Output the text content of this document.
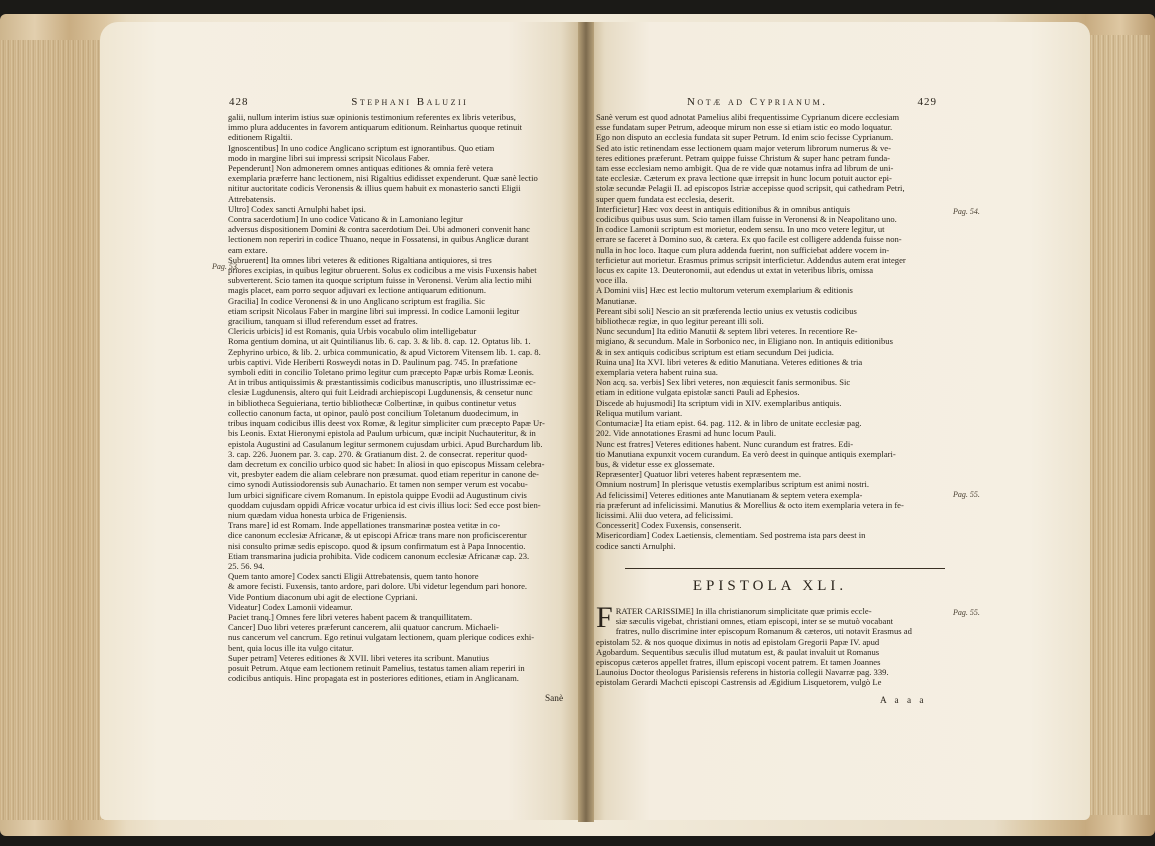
428	Stephani Baluzii
Pag. 53.
galii, nullum interim istius suæ opinionis testimonium referentes ex libris veteribus,
immo plura adducentes in favorem antiquarum editionum. Reinhartus quoque retinuit
editionem Rigaltii.
Ignoscentibus] In uno codice Anglicano scriptum est ignorantibus. Quo etiam
modo in margine libri sui impressi scripsit Nicolaus Faber.
Pependerunt] Non admonerem omnes antiquas editiones & omnia ferè vetera
exemplaria præferre hanc lectionem, nisi Rigaltius edidisset expenderunt. Quæ sanè lectio
nititur auctoritate codicis Veronensis & illius quem habuit ex monasterio sancti Eligii
Attrebatensis.
Ultro] Codex sancti Arnulphi habet ipsi.
Contra sacerdotium] In uno codice Vaticano & in Lamoniano legitur
adversus dispositionem Domini & contra sacerdotium Dei. Ubi admoneri convenit hanc
lectionem non reperiri in codice Thuano, neque in Fossatensi, in quibus Anglicæ durant
eam extare.
Subruerent] Ita omnes libri veteres & editiones Rigaltiana antiquiores, si tres
priores excipias, in quibus legitur obruerent. Solus ex codicibus a me visis Fuxensis habet
subverterent. Scio tamen ita quoque scriptum fuisse in Veronensi. Verùm alia lectio mihi
magis placet, eam porro sequor adjuvari ex lectione antiquarum editionum.
Gracilia] In codice Veronensi & in uno Anglicano scriptum est fragilia. Sic
etiam scripsit Nicolaus Faber in margine libri sui impressi. In codice Lamonii legitur
gracilium, tanquam si illud referendum esset ad fratres.
Clericis urbicis] id est Romanis, quia Urbis vocabulo olim intelligebatur
Roma gentium domina, ut ait Quintilianus lib. 6. cap. 3. & lib. 8. cap. 12. Optatus lib. 1.
Zephyrino urbico, & lib. 2. urbica communicatio, & apud Victorem Vitensem lib. 1. cap. 8.
urbis captivi. Vide Heriberti Rosweydi notas in D. Paulinum pag. 745. In præfatione
symboli editi in concilio Toletano primo legitur cum præcepto Papæ urbis Romæ Leonis.
At in tribus antiquissimis & præstantissimis codicibus manuscriptis, uno illustrissimæ ec-
clesiæ Lugdunensis, altero qui fuit Leidradi archiepiscopi Lugdunensis, & censetur nunc
in bibliotheca Seguieriana, tertio bibliothecæ Colbertinæ, in quibus continetur vetus
collectio canonum facta, ut opinor, paulò post concilium Toletanum duodecimum, in
tribus inquam codicibus illis deest vox Romæ, & legitur simpliciter cum præcepto Papæ Ur-
bis Leonis. Extat Hieronymi epistola ad Paulum urbicum, quæ incipit Nuchauteritur, & in
epistola Augustini ad Casulanum legitur sermonem cujusdam urbici. Apud Burchardum lib.
3. cap. 226. Juonem par. 3. cap. 270. & Gratianum dist. 2. de consecrat. reperitur quod-
dam decretum ex concilio urbico quod sic habet: In aliosi in quo episcopus Missam celebra-
vit, presbyter eadem die aliam celebrare non præsumat. quod etiam reperitur in canone de-
cimo synodi Autissiodorensis sub Aunachario. Et tamen non semper verum est vocabu-
lum urbici significare civem Romanum. In epistola quippe Evodii ad Augustinum civis
quoddam cujusdam oppidi Africæ vocatur urbica id est civis illius loci: Sed ecce post bien-
nium quædam vidua honesta urbica de Frigeniensis.
Trans mare] id est Romam. Inde appellationes transmarinæ postea vetitæ in co-
dice canonum ecclesiæ Africanæ, & ut episcopi Africæ trans mare non proficiscerentur
nisi consulto primæ sedis episcopo. quod & ipsum confirmatum est à Papa Innocentio.
Etiam transmarina judicia prohibita. Vide codicem canonum ecclesiæ Africanæ cap. 23.
25. 56. 94.
Quem tanto amore] Codex sancti Eligii Attrebatensis, quem tanto honore
& amore fecisti. Fuxensis, tanto ardore, pari dolore. Ubi videtur legendum pari honore.
Vide Pontium diaconum ubi agit de electione Cypriani.
Videatur] Codex Lamonii videamur.
Paciet tranq.] Omnes fere libri veteres habent pacem & tranquillitatem.
Cancer] Duo libri veteres præferunt cancerem, alii quatuor cancrum. Michaeli-
nus cancerum vel cancrum. Ego retinui vulgatam lectionem, quam plerique codices exhi-
bent, quia locus ille ita vulgo citatur.
Super petram] Veteres editiones & XVII. libri veteres ita scribunt. Manutius
posuit Petrum. Atque eam lectionem retinuit Pamelius, testatus tamen aliam reperiri in
codicibus antiquis. Hinc propagata est in posteriores editiones, etiam in Anglicanam.
Sanè
Notæ ad Cyprianum.	429
Pag. 54.
Pag. 55.
Pag. 55.
Sanè verum est quod adnotat Pamelius alibi frequentissime Cyprianum dicere ecclesiam
esse fundatam super Petrum, adeoque mirum non esse si etiam istic eo modo loquatur.
Ego non disputo an ecclesia fundata sit super Petrum. Id enim scio fecisse Cyprianum.
Sed ato istic retinendam esse lectionem quam major veterum librorum numerus & ve-
teres editiones præferunt. Petram quippe fuisse Christum & super hanc petram funda-
tam esse ecclesiam nemo ambigit. Qua de re vide quæ notamus infra ad librum de uni-
tate ecclesiæ. Cæterum ex prava lectione quæ irrepsit in hunc locum potuit auctor epi-
stolæ secundæ Pelagii II. ad episcopos Istriæ accepisse quod scripsit, qui cathedram Petri,
super quem fundata est ecclesia, deserit.
Interficietur] Hæc vox deest in antiquis editionibus & in omnibus antiquis
codicibus quibus usus sum. Scio tamen illam fuisse in Veronensi & in Neapolitano uno.
In codice Lamonii scriptum est morietur, eodem sensu. In uno mco vetere legitur, ut
errare se faceret à Domino suo, & cætera. Ex quo facile est colligere addenda fuisse non-
nulla in hoc loco. Itaque cum plura addenda fuerint, non sufficiebat addere vocem in-
terficietur aut morietur. Erasmus primus scripsit interficietur. Addendus autem erat integer
locus ex capite 13. Deuteronomii, aut edendus ut extat in veteribus libris, omissa
voce illa.
A Domini viis] Hæc est lectio multorum veterum exemplarium & editionis
Manutianæ.
Pereant sibi soli] Nescio an sit præferenda lectio unius ex vetustis codicibus
bibliothecæ regiæ, in quo legitur pereant illi soli.
Nunc secundum] Ita editio Manutii & septem libri veteres. In recentiore Re-
migiano, & secundum. Male in Sorbonico nec, in Eligiano non. In antiquis editionibus
& in sex antiquis codicibus scriptum est etiam secundum Dei judicia.
Ruina una] Ita XVI. libri veteres & editio Manutiana. Veteres editiones & tria
exemplaria vetera habent ruina sua.
Non acq. sa. verbis] Sex libri veteres, non æquiescit fanis sermonibus. Sic
etiam in editione vulgata epistolæ sancti Pauli ad Ephesios.
Discede ab hujusmodi] Ita scriptum vidi in XIV. exemplaribus antiquis.
Reliqua mutilum variant.
Contumaciæ] Ita etiam epist. 64. pag. 112. & in libro de unitate ecclesiæ pag.
202. Vide annotationes Erasmi ad hunc locum Pauli.
Nunc est fratres] Veteres editiones habent. Nunc curandum est fratres. Edi-
tio Manutiana expunxit vocem curandum. Ea verò deest in quinque antiquis exemplari-
bus, & videtur esse ex glossemate.
Repræsenter] Quatuor libri veteres habent repræsentem me.
Omnium nostrum] In plerisque vetustis exemplaribus scriptum est animi nostri.
Ad felicissimi] Veteres editiones ante Manutianam & septem vetera exempla-
ria præferunt ad infelicissimi. Manutius & Morellius & octo item exemplaria vetera in fe-
licissimi. Alii duo vetera, ad felicissimi.
Concesserit] Codex Fuxensis, consenserit.
Misericordiam] Codex Laetiensis, clementiam. Sed postrema ista pars deest in
codice sancti Arnulphi.
EPISTOLA XLI.
F RATER CARISSIME] In illa christianorum simplicitate quæ primis eccle-
siæ sæculis vigebat, christiani omnes, etiam episcopi, inter se se mutuò vocabant
fratres, nullo discrimine inter episcopum Romanum & cæteros, uti notavit Erasmus ad
epistolam 52. & nos quoque diximus in notis ad epistolam Gregorii Papæ IV. apud
Agobardum. Sequentibus sæculis illud mutatum est, & paulat invaluit ut Romanus
episcopus cæteros appellet fratres, illum episcopi vocent patrem. Et tamen Joannes
Launoius Doctor theologus Parisiensis referens in historia collegii Navarræ pag. 339.
epistolam Gerardi Machcti episcopi Castrensis ad Ægidium Lisquetorem, vulgò Le
A a a a
